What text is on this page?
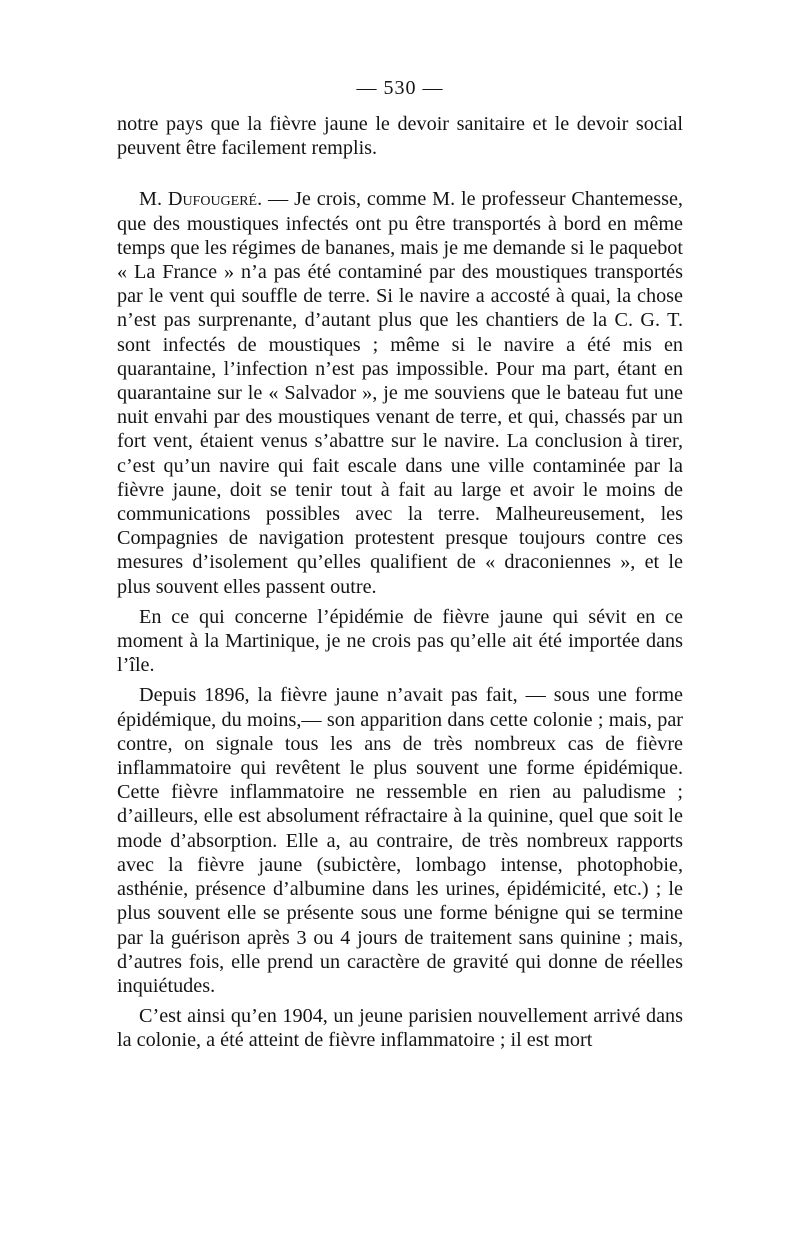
— 530 —

notre pays que la fièvre jaune le devoir sanitaire et le devoir social peuvent être facilement remplis.

M. Dufougeré. — Je crois, comme M. le professeur Chantemesse, que des moustiques infectés ont pu être transportés à bord en même temps que les régimes de bananes, mais je me demande si le paquebot « La France » n’a pas été contaminé par des moustiques transportés par le vent qui souffle de terre. Si le navire a accosté à quai, la chose n’est pas surprenante, d’autant plus que les chantiers de la C. G. T. sont infectés de moustiques ; même si le navire a été mis en quarantaine, l’infection n’est pas impossible. Pour ma part, étant en quarantaine sur le « Salvador », je me souviens que le bateau fut une nuit envahi par des moustiques venant de terre, et qui, chassés par un fort vent, étaient venus s’abattre sur le navire. La conclusion à tirer, c’est qu’un navire qui fait escale dans une ville contaminée par la fièvre jaune, doit se tenir tout à fait au large et avoir le moins de communications possibles avec la terre. Malheureusement, les Compagnies de navigation protestent presque toujours contre ces mesures d’isolement qu’elles qualifient de « draconiennes », et le plus souvent elles passent outre.

En ce qui concerne l’épidémie de fièvre jaune qui sévit en ce moment à la Martinique, je ne crois pas qu’elle ait été importée dans l’île.

Depuis 1896, la fièvre jaune n’avait pas fait, — sous une forme épidémique, du moins,— son apparition dans cette colonie ; mais, par contre, on signale tous les ans de très nombreux cas de fièvre inflammatoire qui revêtent le plus souvent une forme épidémique. Cette fièvre inflammatoire ne ressemble en rien au paludisme ; d’ailleurs, elle est absolument réfractaire à la quinine, quel que soit le mode d’absorption. Elle a, au contraire, de très nombreux rapports avec la fièvre jaune (subictère, lombago intense, photophobie, asthénie, présence d’albumine dans les urines, épidémicité, etc.) ; le plus souvent elle se présente sous une forme bénigne qui se termine par la guérison après 3 ou 4 jours de traitement sans quinine ; mais, d’autres fois, elle prend un caractère de gravité qui donne de réelles inquiétudes.

C’est ainsi qu’en 1904, un jeune parisien nouvellement arrivé dans la colonie, a été atteint de fièvre inflammatoire ; il est mort
